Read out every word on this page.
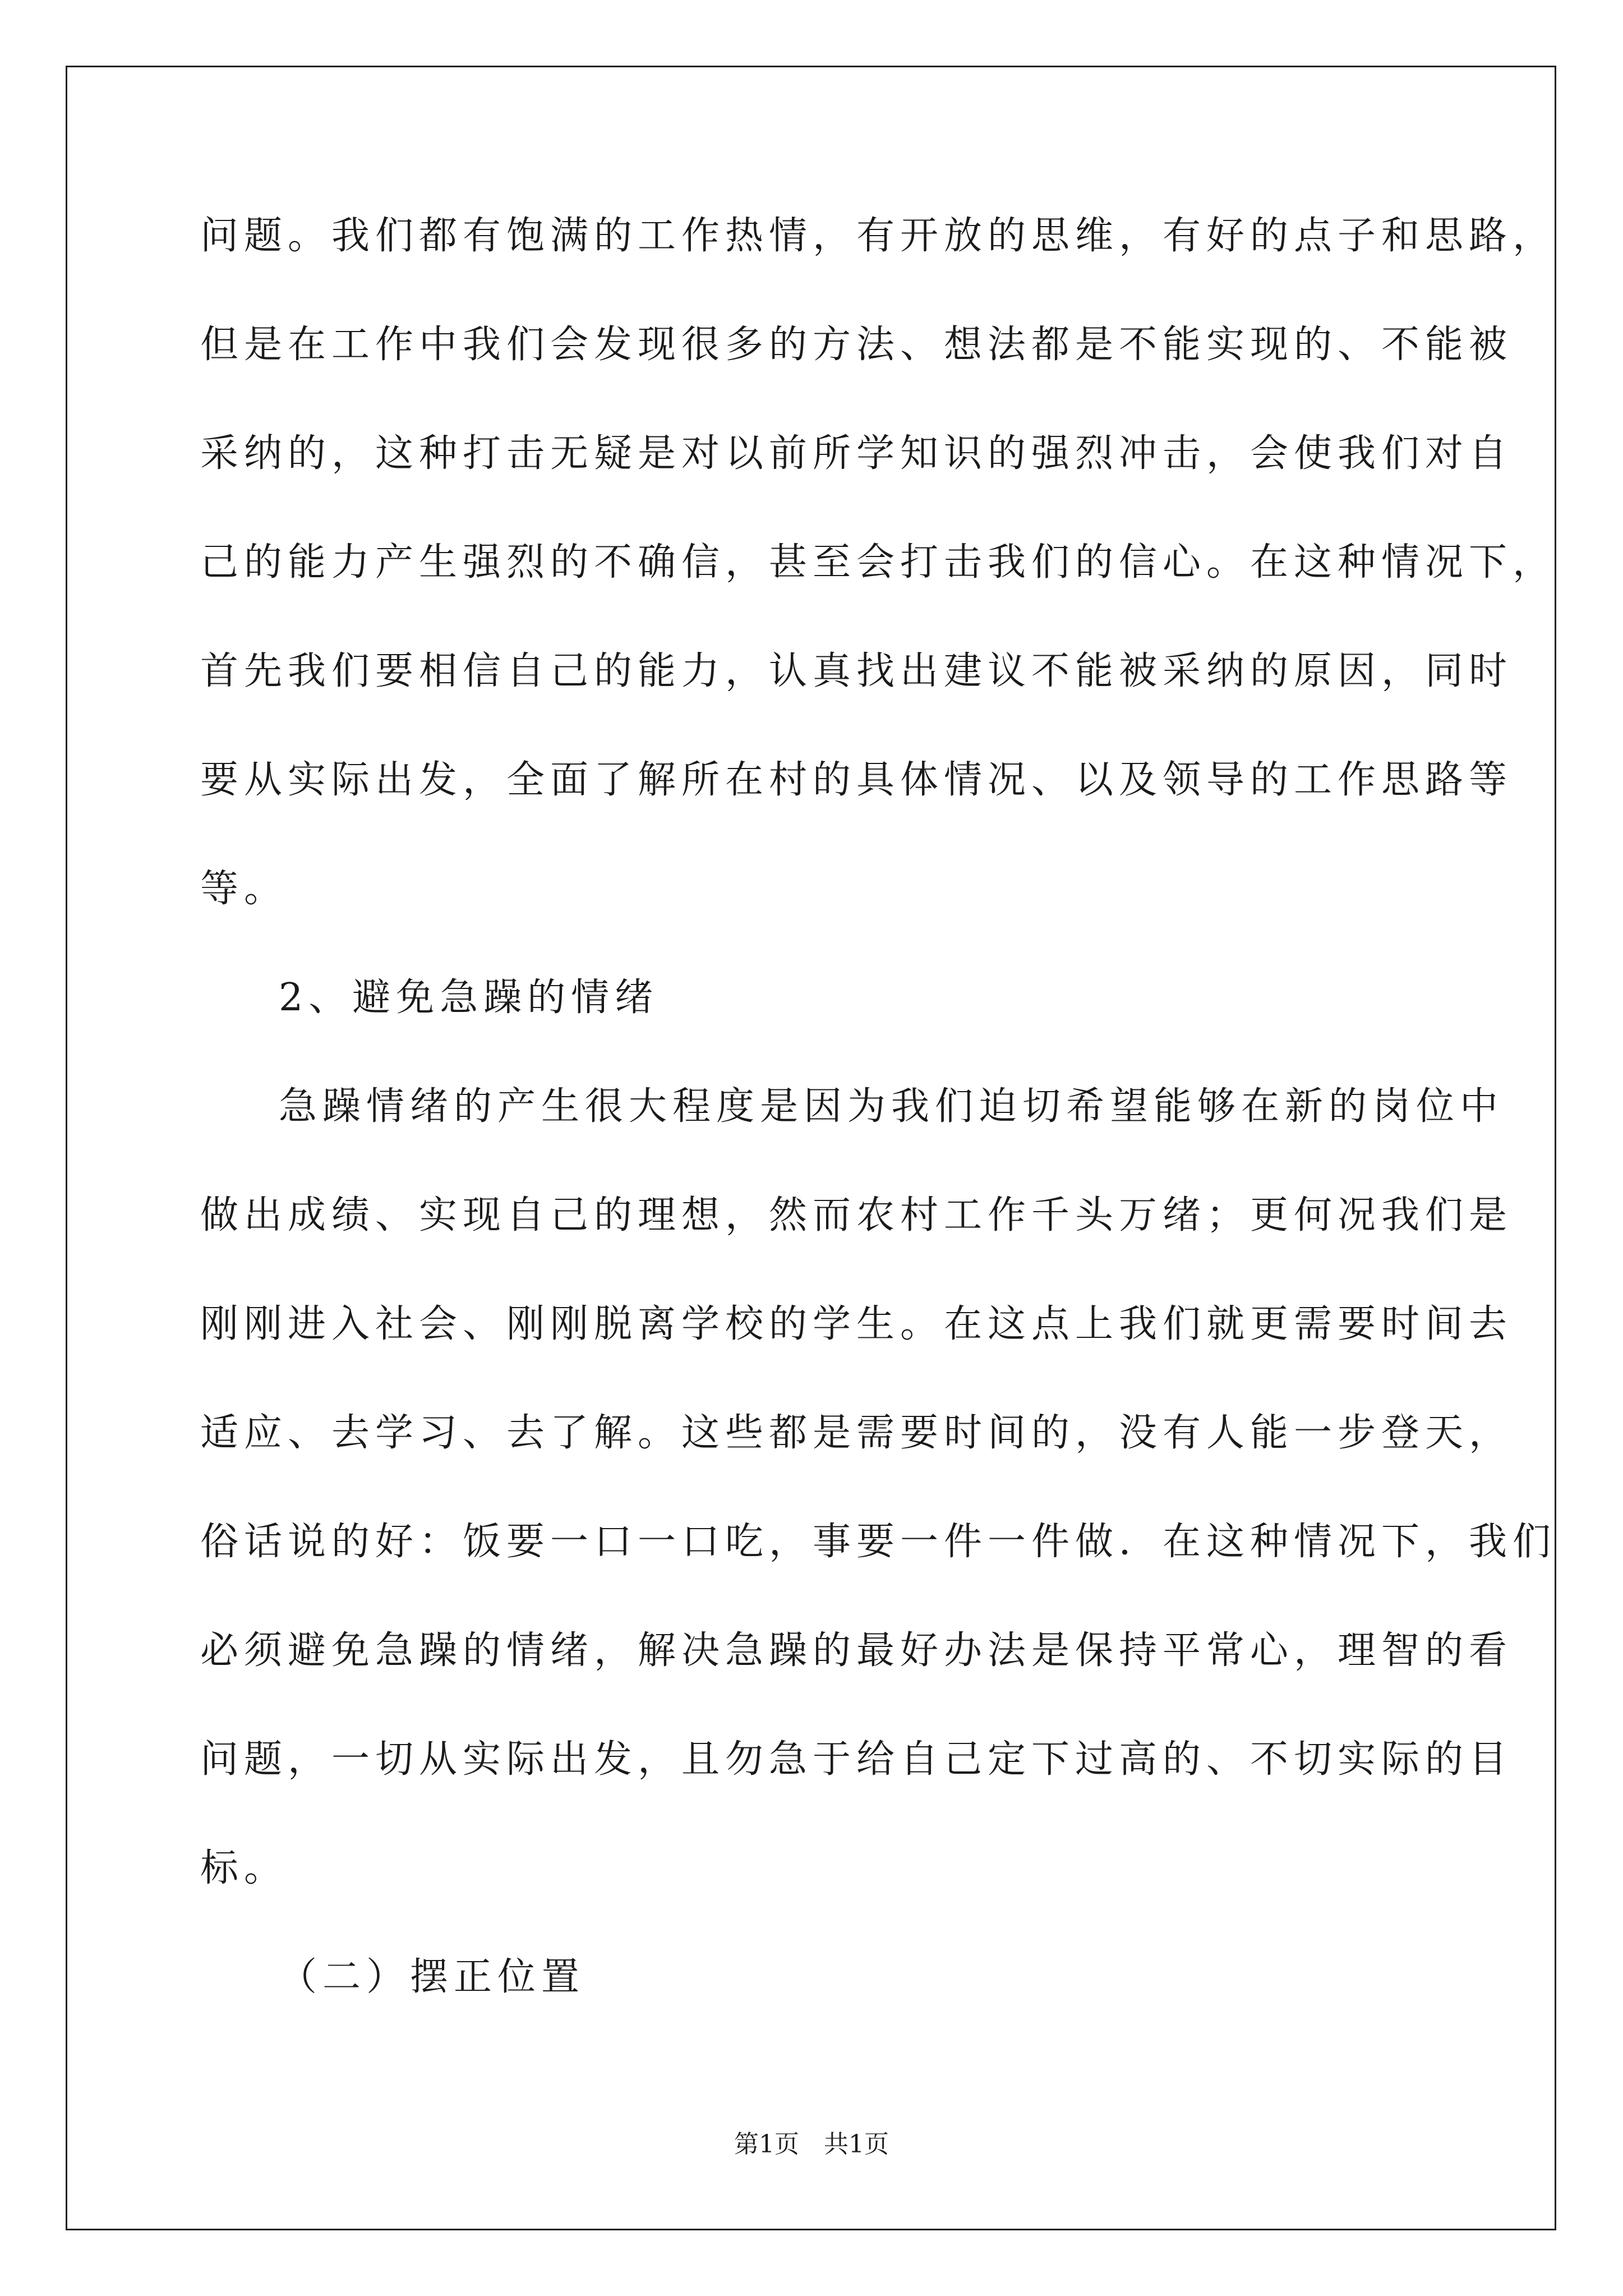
问题。我们都有饱满的工作热情，有开放的思维，有好的点子和思路，
但是在工作中我们会发现很多的方法、想法都是不能实现的、不能被
采纳的，这种打击无疑是对以前所学知识的强烈冲击，会使我们对自
己的能力产生强烈的不确信，甚至会打击我们的信心。在这种情况下，
首先我们要相信自己的能力，认真找出建议不能被采纳的原因，同时
要从实际出发，全面了解所在村的具体情况、以及领导的工作思路等
等。
2、避免急躁的情绪
急躁情绪的产生很大程度是因为我们迫切希望能够在新的岗位中
做出成绩、实现自己的理想，然而农村工作千头万绪；更何况我们是
刚刚进入社会、刚刚脱离学校的学生。在这点上我们就更需要时间去
适应、去学习、去了解。这些都是需要时间的，没有人能一步登天，
俗话说的好：饭要一口一口吃，事要一件一件做．在这种情况下，我们
必须避免急躁的情绪，解决急躁的最好办法是保持平常心，理智的看
问题，一切从实际出发，且勿急于给自己定下过高的、不切实际的目
标。
（二）摆正位置
第1页　共1页
